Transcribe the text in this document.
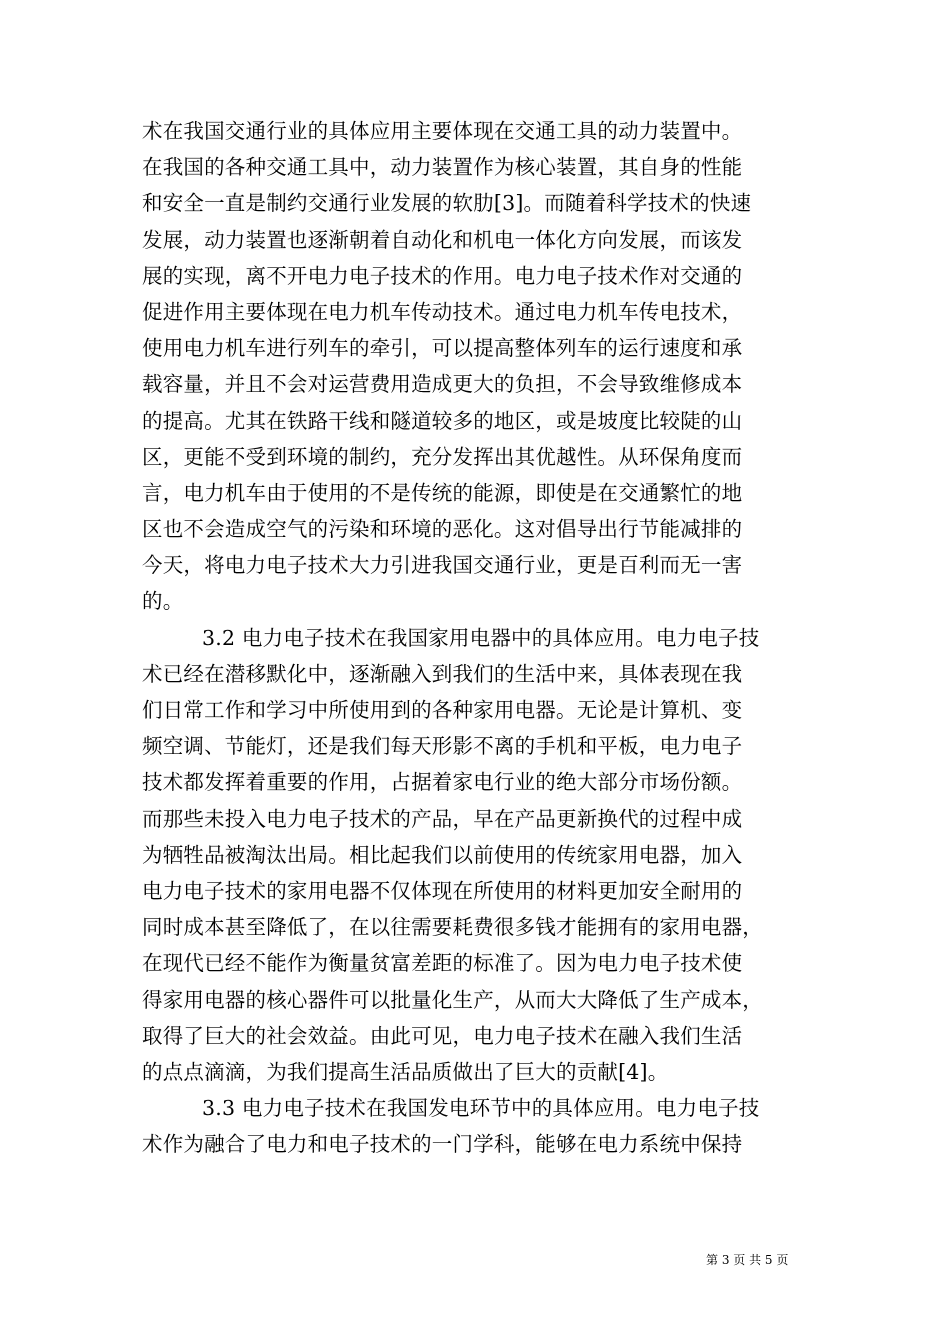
术在我国交通行业的具体应用主要体现在交通工具的动力装置中。
在我国的各种交通工具中，动力装置作为核心装置，其自身的性能
和安全一直是制约交通行业发展的软肋[3]。而随着科学技术的快速
发展，动力装置也逐渐朝着自动化和机电一体化方向发展，而该发
展的实现，离不开电力电子技术的作用。电力电子技术作对交通的
促进作用主要体现在电力机车传动技术。通过电力机车传电技术，
使用电力机车进行列车的牵引，可以提高整体列车的运行速度和承
载容量，并且不会对运营费用造成更大的负担，不会导致维修成本
的提高。尤其在铁路干线和隧道较多的地区，或是坡度比较陡的山
区，更能不受到环境的制约，充分发挥出其优越性。从环保角度而
言，电力机车由于使用的不是传统的能源，即使是在交通繁忙的地
区也不会造成空气的污染和环境的恶化。这对倡导出行节能减排的
今天，将电力电子技术大力引进我国交通行业，更是百利而无一害
的。
3.2 电力电子技术在我国家用电器中的具体应用。电力电子技
术已经在潜移默化中，逐渐融入到我们的生活中来，具体表现在我
们日常工作和学习中所使用到的各种家用电器。无论是计算机、变
频空调、节能灯，还是我们每天形影不离的手机和平板，电力电子
技术都发挥着重要的作用，占据着家电行业的绝大部分市场份额。
而那些未投入电力电子技术的产品，早在产品更新换代的过程中成
为牺牲品被淘汰出局。相比起我们以前使用的传统家用电器，加入
电力电子技术的家用电器不仅体现在所使用的材料更加安全耐用的
同时成本甚至降低了，在以往需要耗费很多钱才能拥有的家用电器，
在现代已经不能作为衡量贫富差距的标准了。因为电力电子技术使
得家用电器的核心器件可以批量化生产，从而大大降低了生产成本，
取得了巨大的社会效益。由此可见，电力电子技术在融入我们生活
的点点滴滴，为我们提高生活品质做出了巨大的贡献[4]。
3.3 电力电子技术在我国发电环节中的具体应用。电力电子技
术作为融合了电力和电子技术的一门学科，能够在电力系统中保持
第 3 页 共 5 页
